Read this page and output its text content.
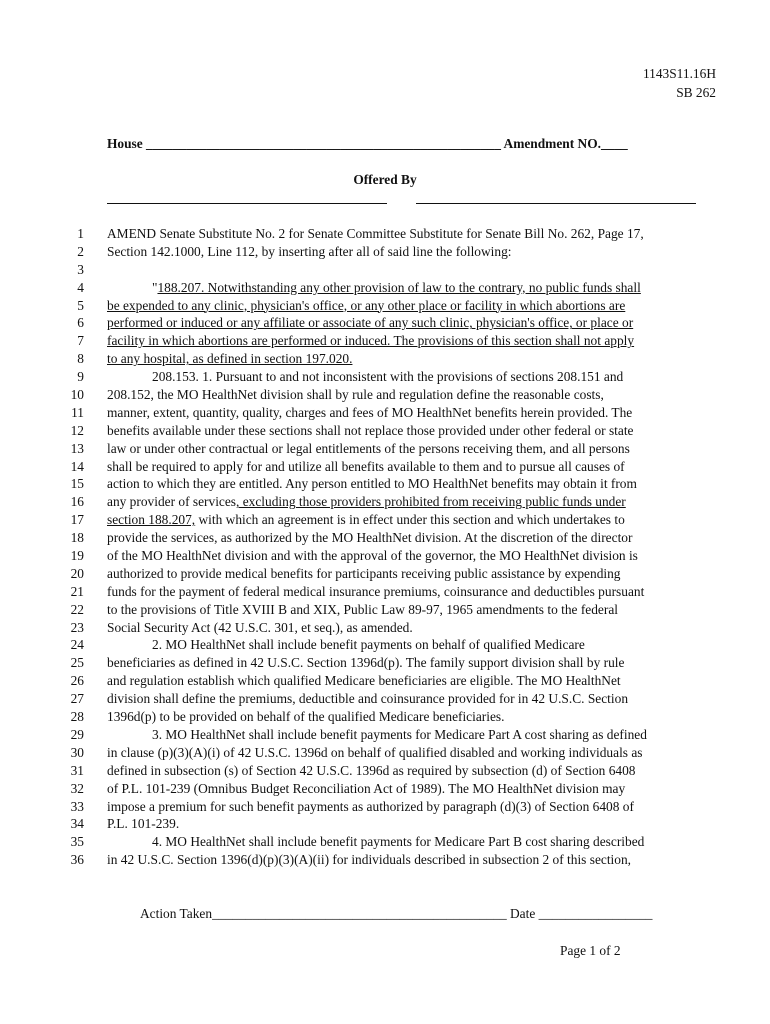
1143S11.16H
SB 262
House _____________________________________________________ Amendment NO.____
Offered By
1 AMEND Senate Substitute No. 2 for Senate Committee Substitute for Senate Bill No. 262, Page 17,
2 Section 142.1000, Line 112, by inserting after all of said line the following:
3
4	"188.207. Notwithstanding any other provision of law to the contrary, no public funds shall
5 be expended to any clinic, physician's office, or any other place or facility in which abortions are
6 performed or induced or any affiliate or associate of any such clinic, physician's office, or place or
7 facility in which abortions are performed or induced. The provisions of this section shall not apply
8 to any hospital, as defined in section 197.020.
9	208.153. 1. Pursuant to and not inconsistent with the provisions of sections 208.151 and
10 208.152, the MO HealthNet division shall by rule and regulation define the reasonable costs,
11 manner, extent, quantity, quality, charges and fees of MO HealthNet benefits herein provided. The
12 benefits available under these sections shall not replace those provided under other federal or state
13 law or under other contractual or legal entitlements of the persons receiving them, and all persons
14 shall be required to apply for and utilize all benefits available to them and to pursue all causes of
15 action to which they are entitled. Any person entitled to MO HealthNet benefits may obtain it from
16 any provider of services, excluding those providers prohibited from receiving public funds under
17 section 188.207, with which an agreement is in effect under this section and which undertakes to
18 provide the services, as authorized by the MO HealthNet division. At the discretion of the director
19 of the MO HealthNet division and with the approval of the governor, the MO HealthNet division is
20 authorized to provide medical benefits for participants receiving public assistance by expending
21 funds for the payment of federal medical insurance premiums, coinsurance and deductibles pursuant
22 to the provisions of Title XVIII B and XIX, Public Law 89-97, 1965 amendments to the federal
23 Social Security Act (42 U.S.C. 301, et seq.), as amended.
24	2. MO HealthNet shall include benefit payments on behalf of qualified Medicare
25 beneficiaries as defined in 42 U.S.C. Section 1396d(p). The family support division shall by rule
26 and regulation establish which qualified Medicare beneficiaries are eligible. The MO HealthNet
27 division shall define the premiums, deductible and coinsurance provided for in 42 U.S.C. Section
28 1396d(p) to be provided on behalf of the qualified Medicare beneficiaries.
29	3. MO HealthNet shall include benefit payments for Medicare Part A cost sharing as defined
30 in clause (p)(3)(A)(i) of 42 U.S.C. 1396d on behalf of qualified disabled and working individuals as
31 defined in subsection (s) of Section 42 U.S.C. 1396d as required by subsection (d) of Section 6408
32 of P.L. 101-239 (Omnibus Budget Reconciliation Act of 1989). The MO HealthNet division may
33 impose a premium for such benefit payments as authorized by paragraph (d)(3) of Section 6408 of
34 P.L. 101-239.
35	4. MO HealthNet shall include benefit payments for Medicare Part B cost sharing described
36 in 42 U.S.C. Section 1396(d)(p)(3)(A)(ii) for individuals described in subsection 2 of this section,
Action Taken____________________________________________ Date _________________
Page 1 of 2
